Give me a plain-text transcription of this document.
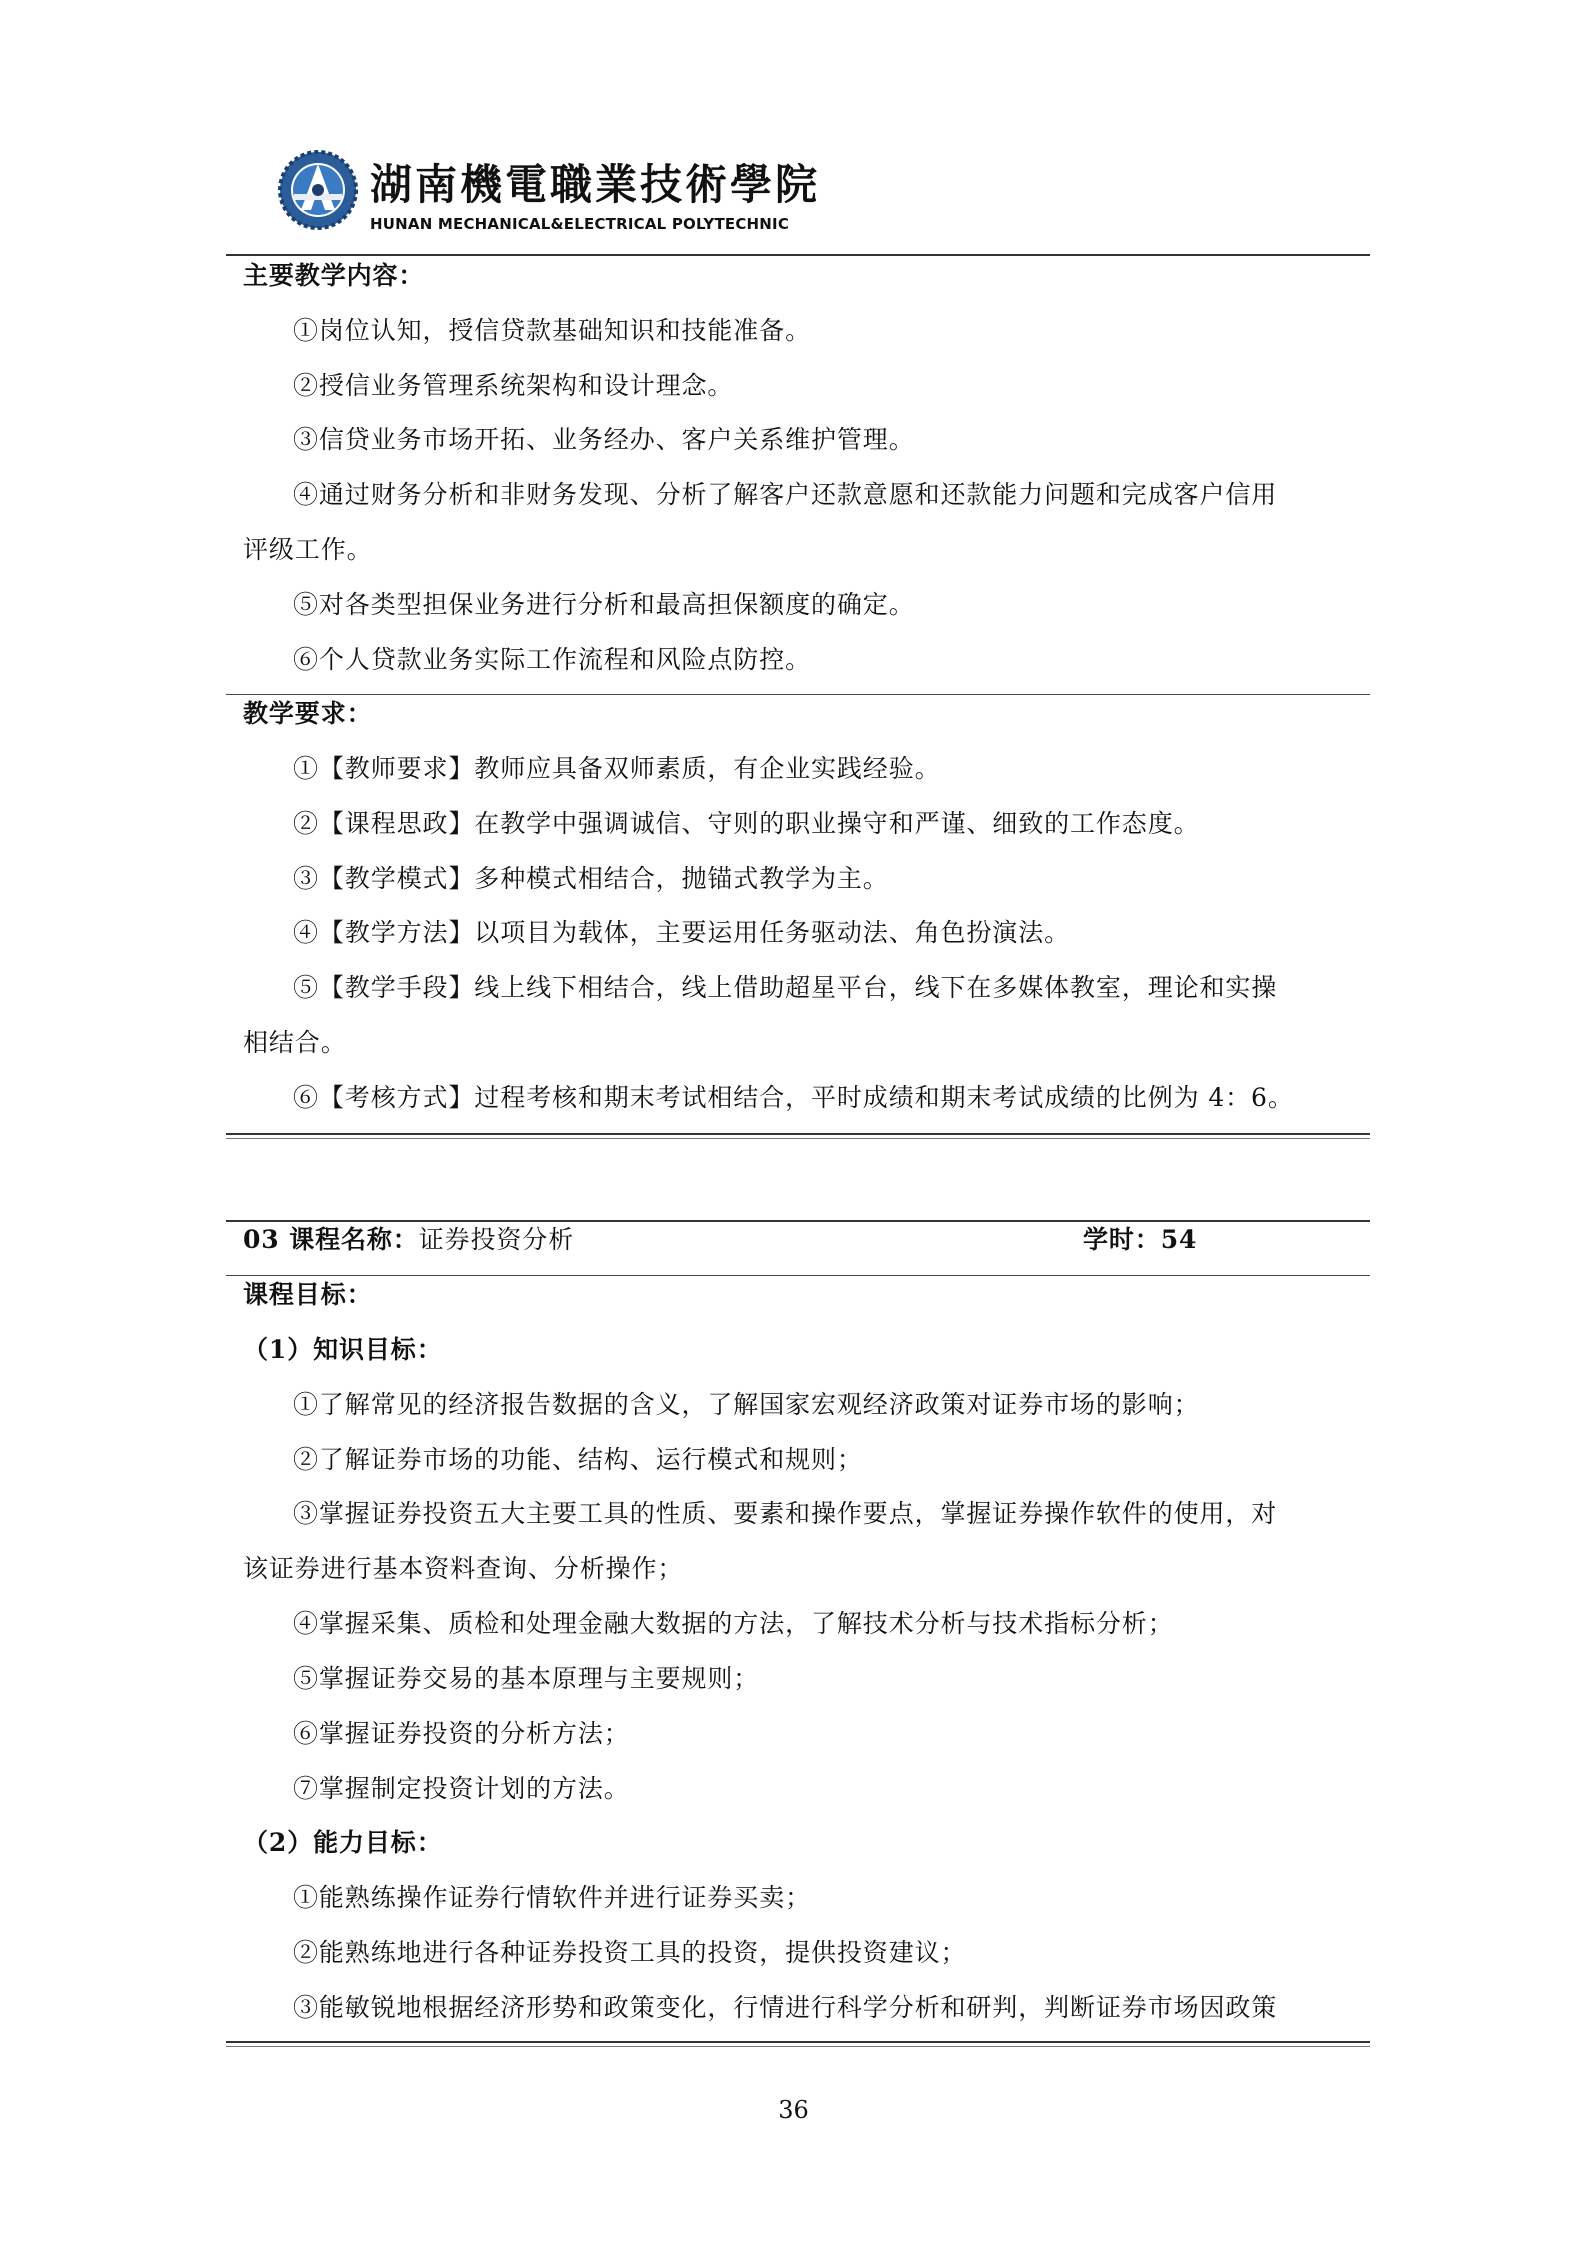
湖南機電職業技術學院
HUNAN MECHANICAL&ELECTRICAL POLYTECHNIC
主要教学内容：
①岗位认知，授信贷款基础知识和技能准备。
②授信业务管理系统架构和设计理念。
③信贷业务市场开拓、业务经办、客户关系维护管理。
④通过财务分析和非财务发现、分析了解客户还款意愿和还款能力问题和完成客户信用
评级工作。
⑤对各类型担保业务进行分析和最高担保额度的确定。
⑥个人贷款业务实际工作流程和风险点防控。
教学要求：
①【教师要求】教师应具备双师素质，有企业实践经验。
②【课程思政】在教学中强调诚信、守则的职业操守和严谨、细致的工作态度。
③【教学模式】多种模式相结合，抛锚式教学为主。
④【教学方法】以项目为载体，主要运用任务驱动法、角色扮演法。
⑤【教学手段】线上线下相结合，线上借助超星平台，线下在多媒体教室，理论和实操
相结合。
⑥【考核方式】过程考核和期末考试相结合，平时成绩和期末考试成绩的比例为 4：6。
03 课程名称：证券投资分析	学时：54
课程目标：
（1）知识目标：
①了解常见的经济报告数据的含义，了解国家宏观经济政策对证券市场的影响；
②了解证券市场的功能、结构、运行模式和规则；
③掌握证券投资五大主要工具的性质、要素和操作要点，掌握证券操作软件的使用，对
该证券进行基本资料查询、分析操作；
④掌握采集、质检和处理金融大数据的方法，了解技术分析与技术指标分析；
⑤掌握证券交易的基本原理与主要规则；
⑥掌握证券投资的分析方法；
⑦掌握制定投资计划的方法。
（2）能力目标：
①能熟练操作证券行情软件并进行证券买卖；
②能熟练地进行各种证券投资工具的投资，提供投资建议；
③能敏锐地根据经济形势和政策变化，行情进行科学分析和研判，判断证券市场因政策
36
